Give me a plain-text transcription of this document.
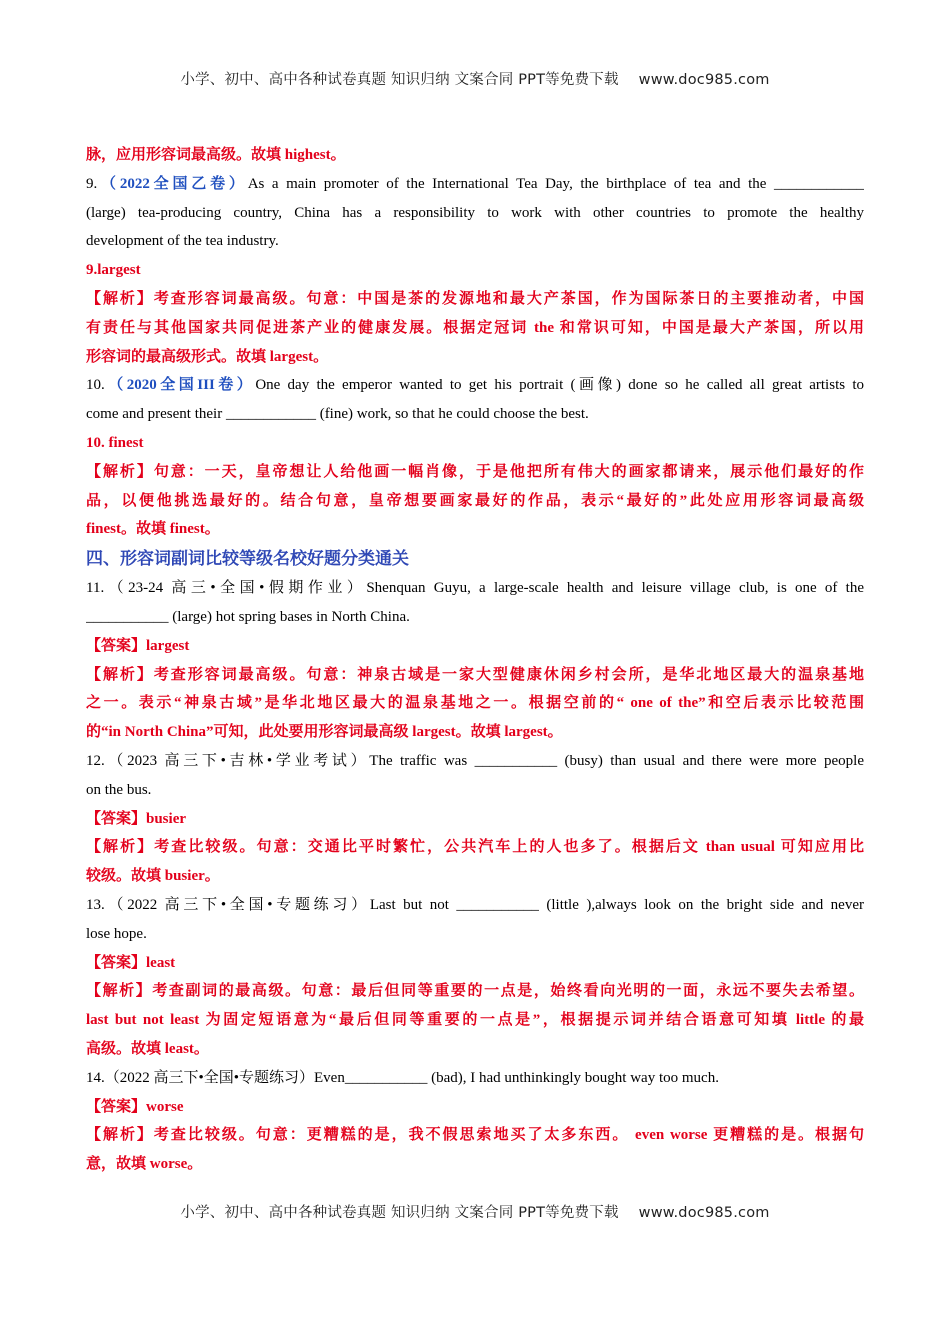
小学、初中、高中各种试卷真题 知识归纳 文案合同 PPT等免费下载 www.doc985.com
脉，应用形容词最高级。故填 highest。
9.（2022全国乙卷）As a main promoter of the International Tea Day, the birthplace of tea and the ____________
(large) tea-producing country, China has a responsibility to work with other countries to promote the healthy
development of the tea industry.
9.largest
【解析】考查形容词最高级。句意：中国是茶的发源地和最大产茶国，作为国际茶日的主要推动者，中国
有责任与其他国家共同促进茶产业的健康发展。根据定冠词 the 和常识可知，中国是最大产茶国，所以用
形容词的最高级形式。故填 largest。
10.（2020全国III卷）One day the emperor wanted to get his portrait (画像) done so he called all great artists to
come and present their ____________ (fine) work, so that he could choose the best.
10. finest
【解析】句意：一天，皇帝想让人给他画一幅肖像，于是他把所有伟大的画家都请来，展示他们最好的作
品，以便他挑选最好的。结合句意，皇帝想要画家最好的作品，表示“最好的”此处应用形容词最高级
finest。故填 finest。
四、形容词副词比较等级名校好题分类通关
11.（23-24 高三•全国•假期作业）Shenquan Guyu, a large-scale health and leisure village club, is one of the
___________ (large) hot spring bases in North China.
【答案】largest
【解析】考查形容词最高级。句意：神泉古域是一家大型健康休闲乡村会所，是华北地区最大的温泉基地
之一。表示“神泉古域”是华北地区最大的温泉基地之一。根据空前的“ one of the”和空后表示比较范围
的“in North China”可知，此处要用形容词最高级 largest。故填 largest。
12.（2023 高三下•吉林•学业考试）The traffic was ___________ (busy) than usual and there were more people
on the bus.
【答案】busier
【解析】考查比较级。句意：交通比平时繁忙，公共汽车上的人也多了。根据后文 than usual 可知应用比
较级。故填 busier。
13.（2022 高三下•全国•专题练习）Last but not ___________ (little ),always look on the bright side and never
lose hope.
【答案】least
【解析】考查副词的最高级。句意：最后但同等重要的一点是，始终看向光明的一面，永远不要失去希望。
last but not least 为固定短语意为“最后但同等重要的一点是”，根据提示词并结合语意可知填 little 的最
高级。故填 least。
14.（2022 高三下•全国•专题练习）Even___________ (bad), I had unthinkingly bought way too much.
【答案】worse
【解析】考查比较级。句意：更糟糕的是，我不假思索地买了太多东西。 even worse 更糟糕的是。根据句
意，故填 worse。
小学、初中、高中各种试卷真题 知识归纳 文案合同 PPT等免费下载 www.doc985.com
